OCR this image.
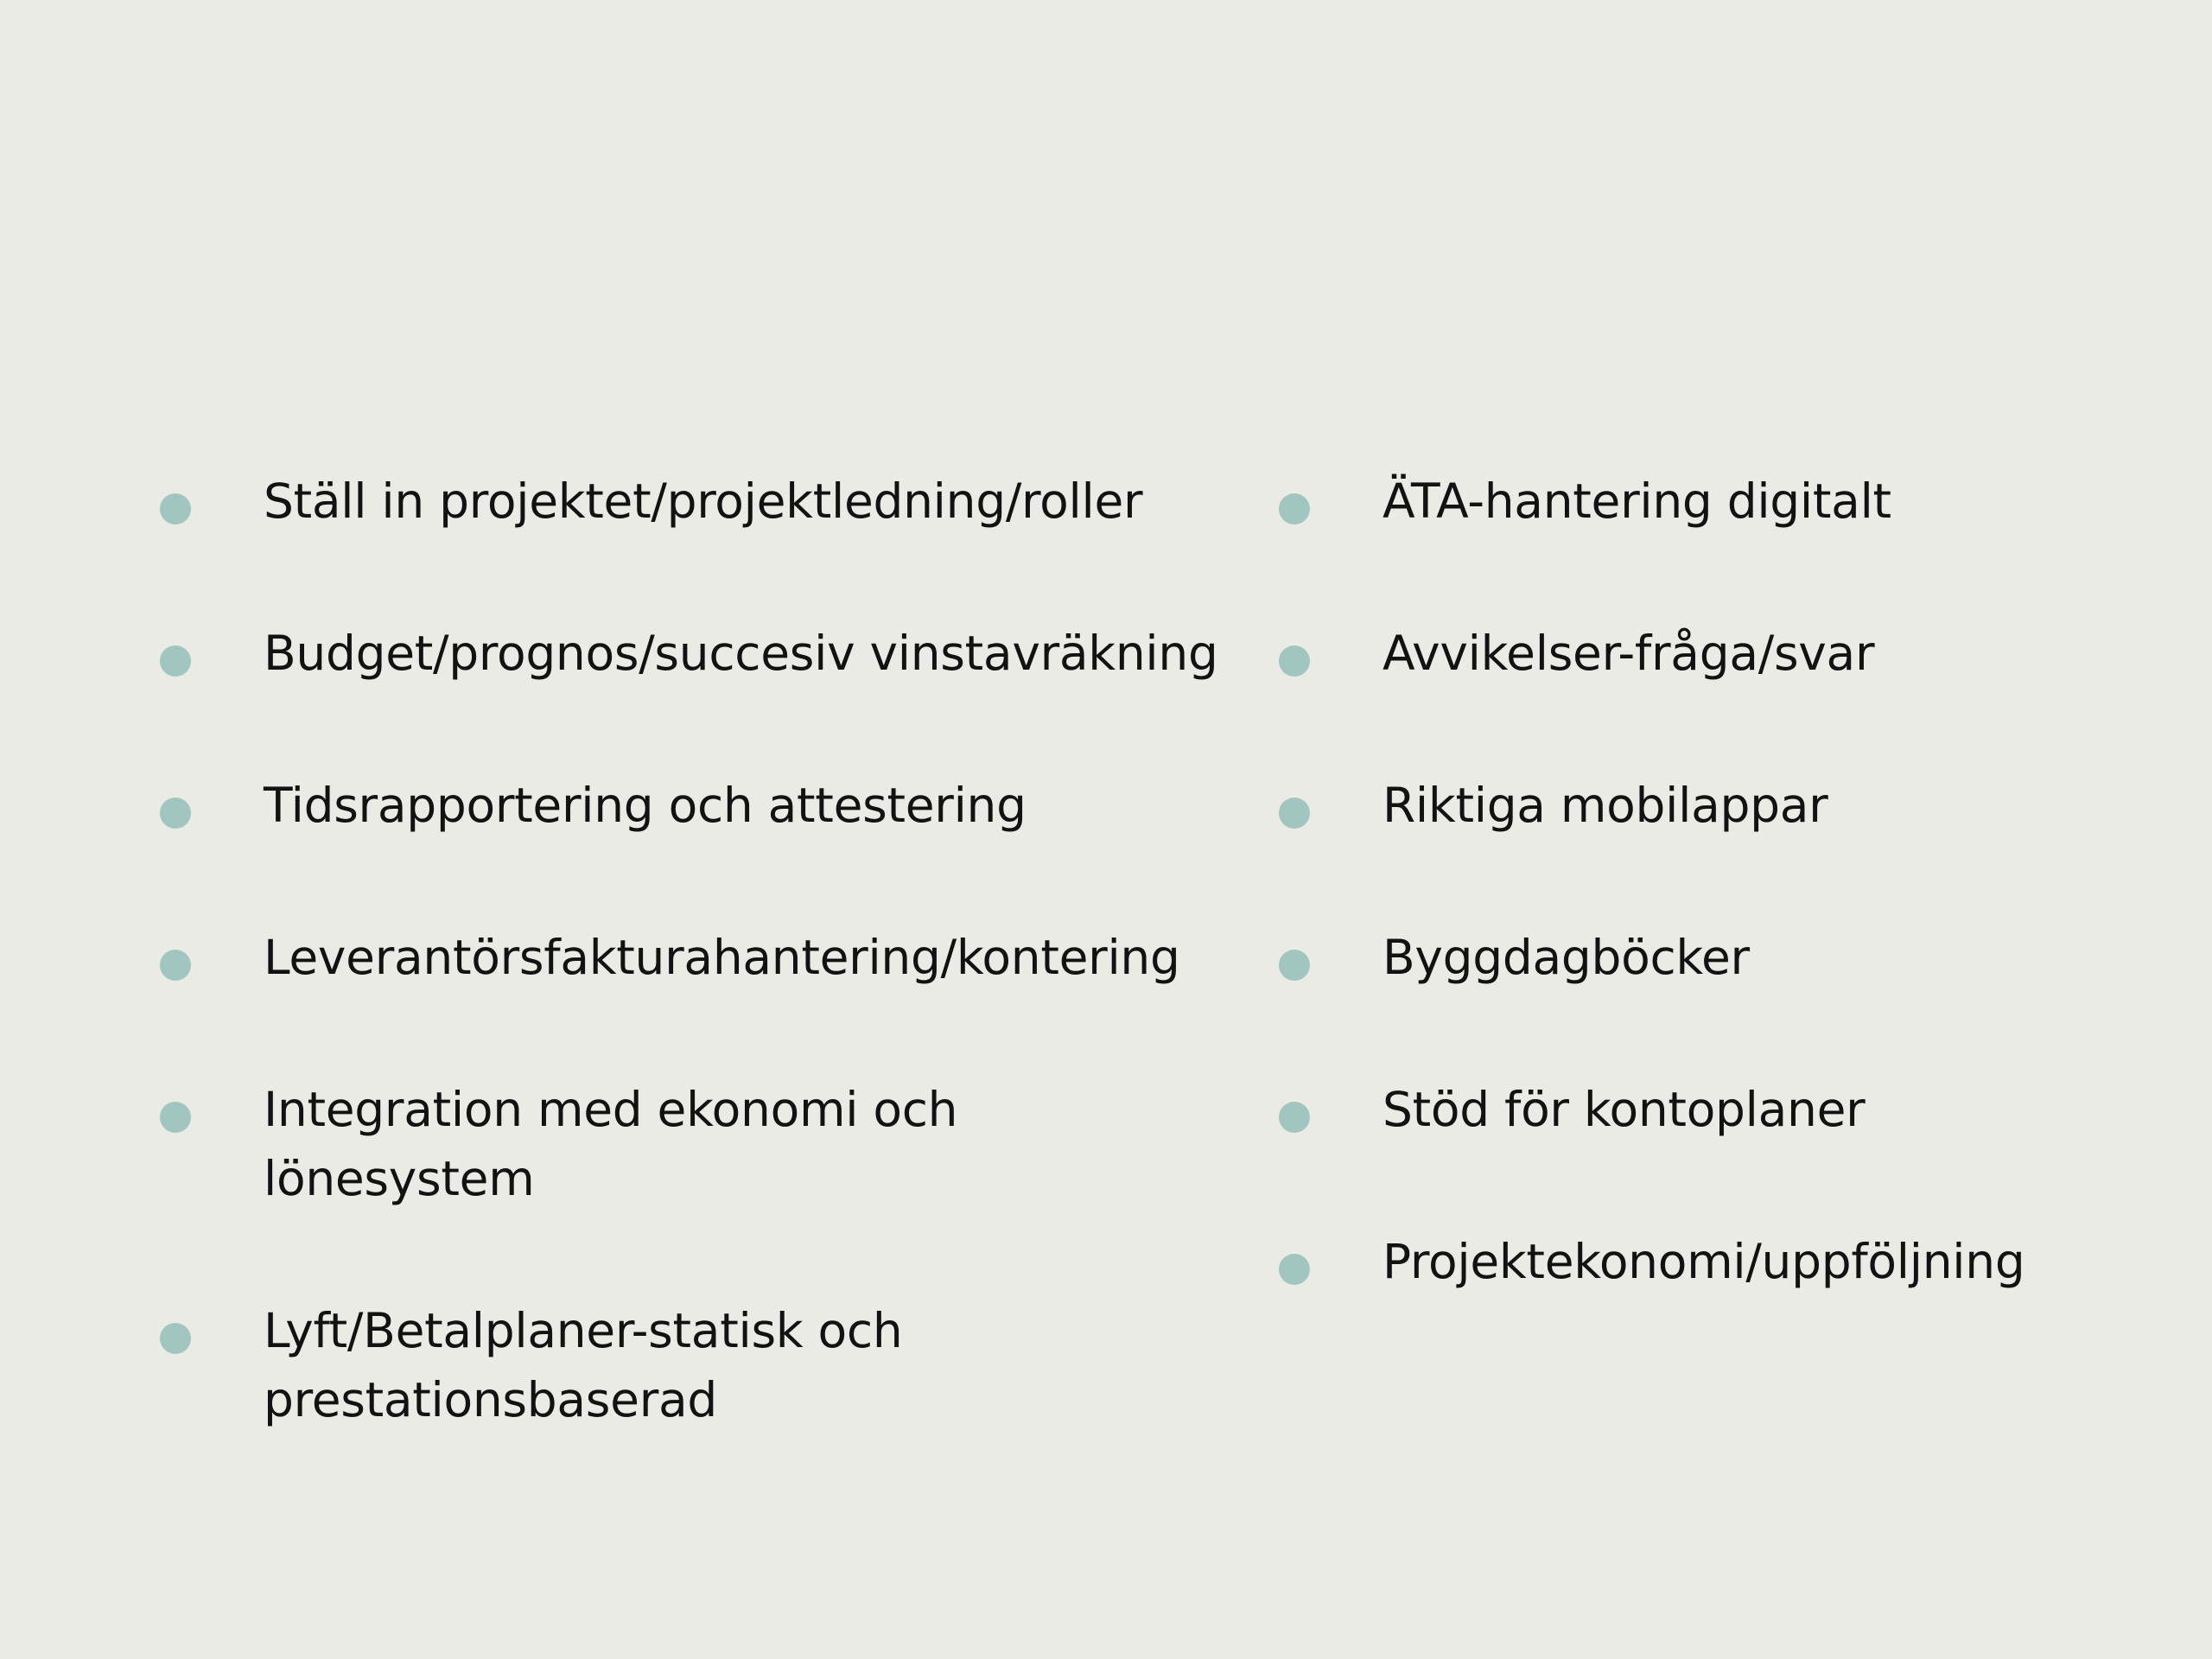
Ställ in projektet/projektledning/roller
Budget/prognos/succesiv vinstavräkning
Tidsrapportering och attestering
Leverantörsfakturahantering/kontering
Integration med ekonomi och lönesystem
Lyft/Betalplaner-statisk och prestationsbaserad
ÄTA-hantering digitalt
Avvikelser-fråga/svar
Riktiga mobilappar
Byggdagböcker
Stöd för kontoplaner
Projektekonomi/uppföljning
